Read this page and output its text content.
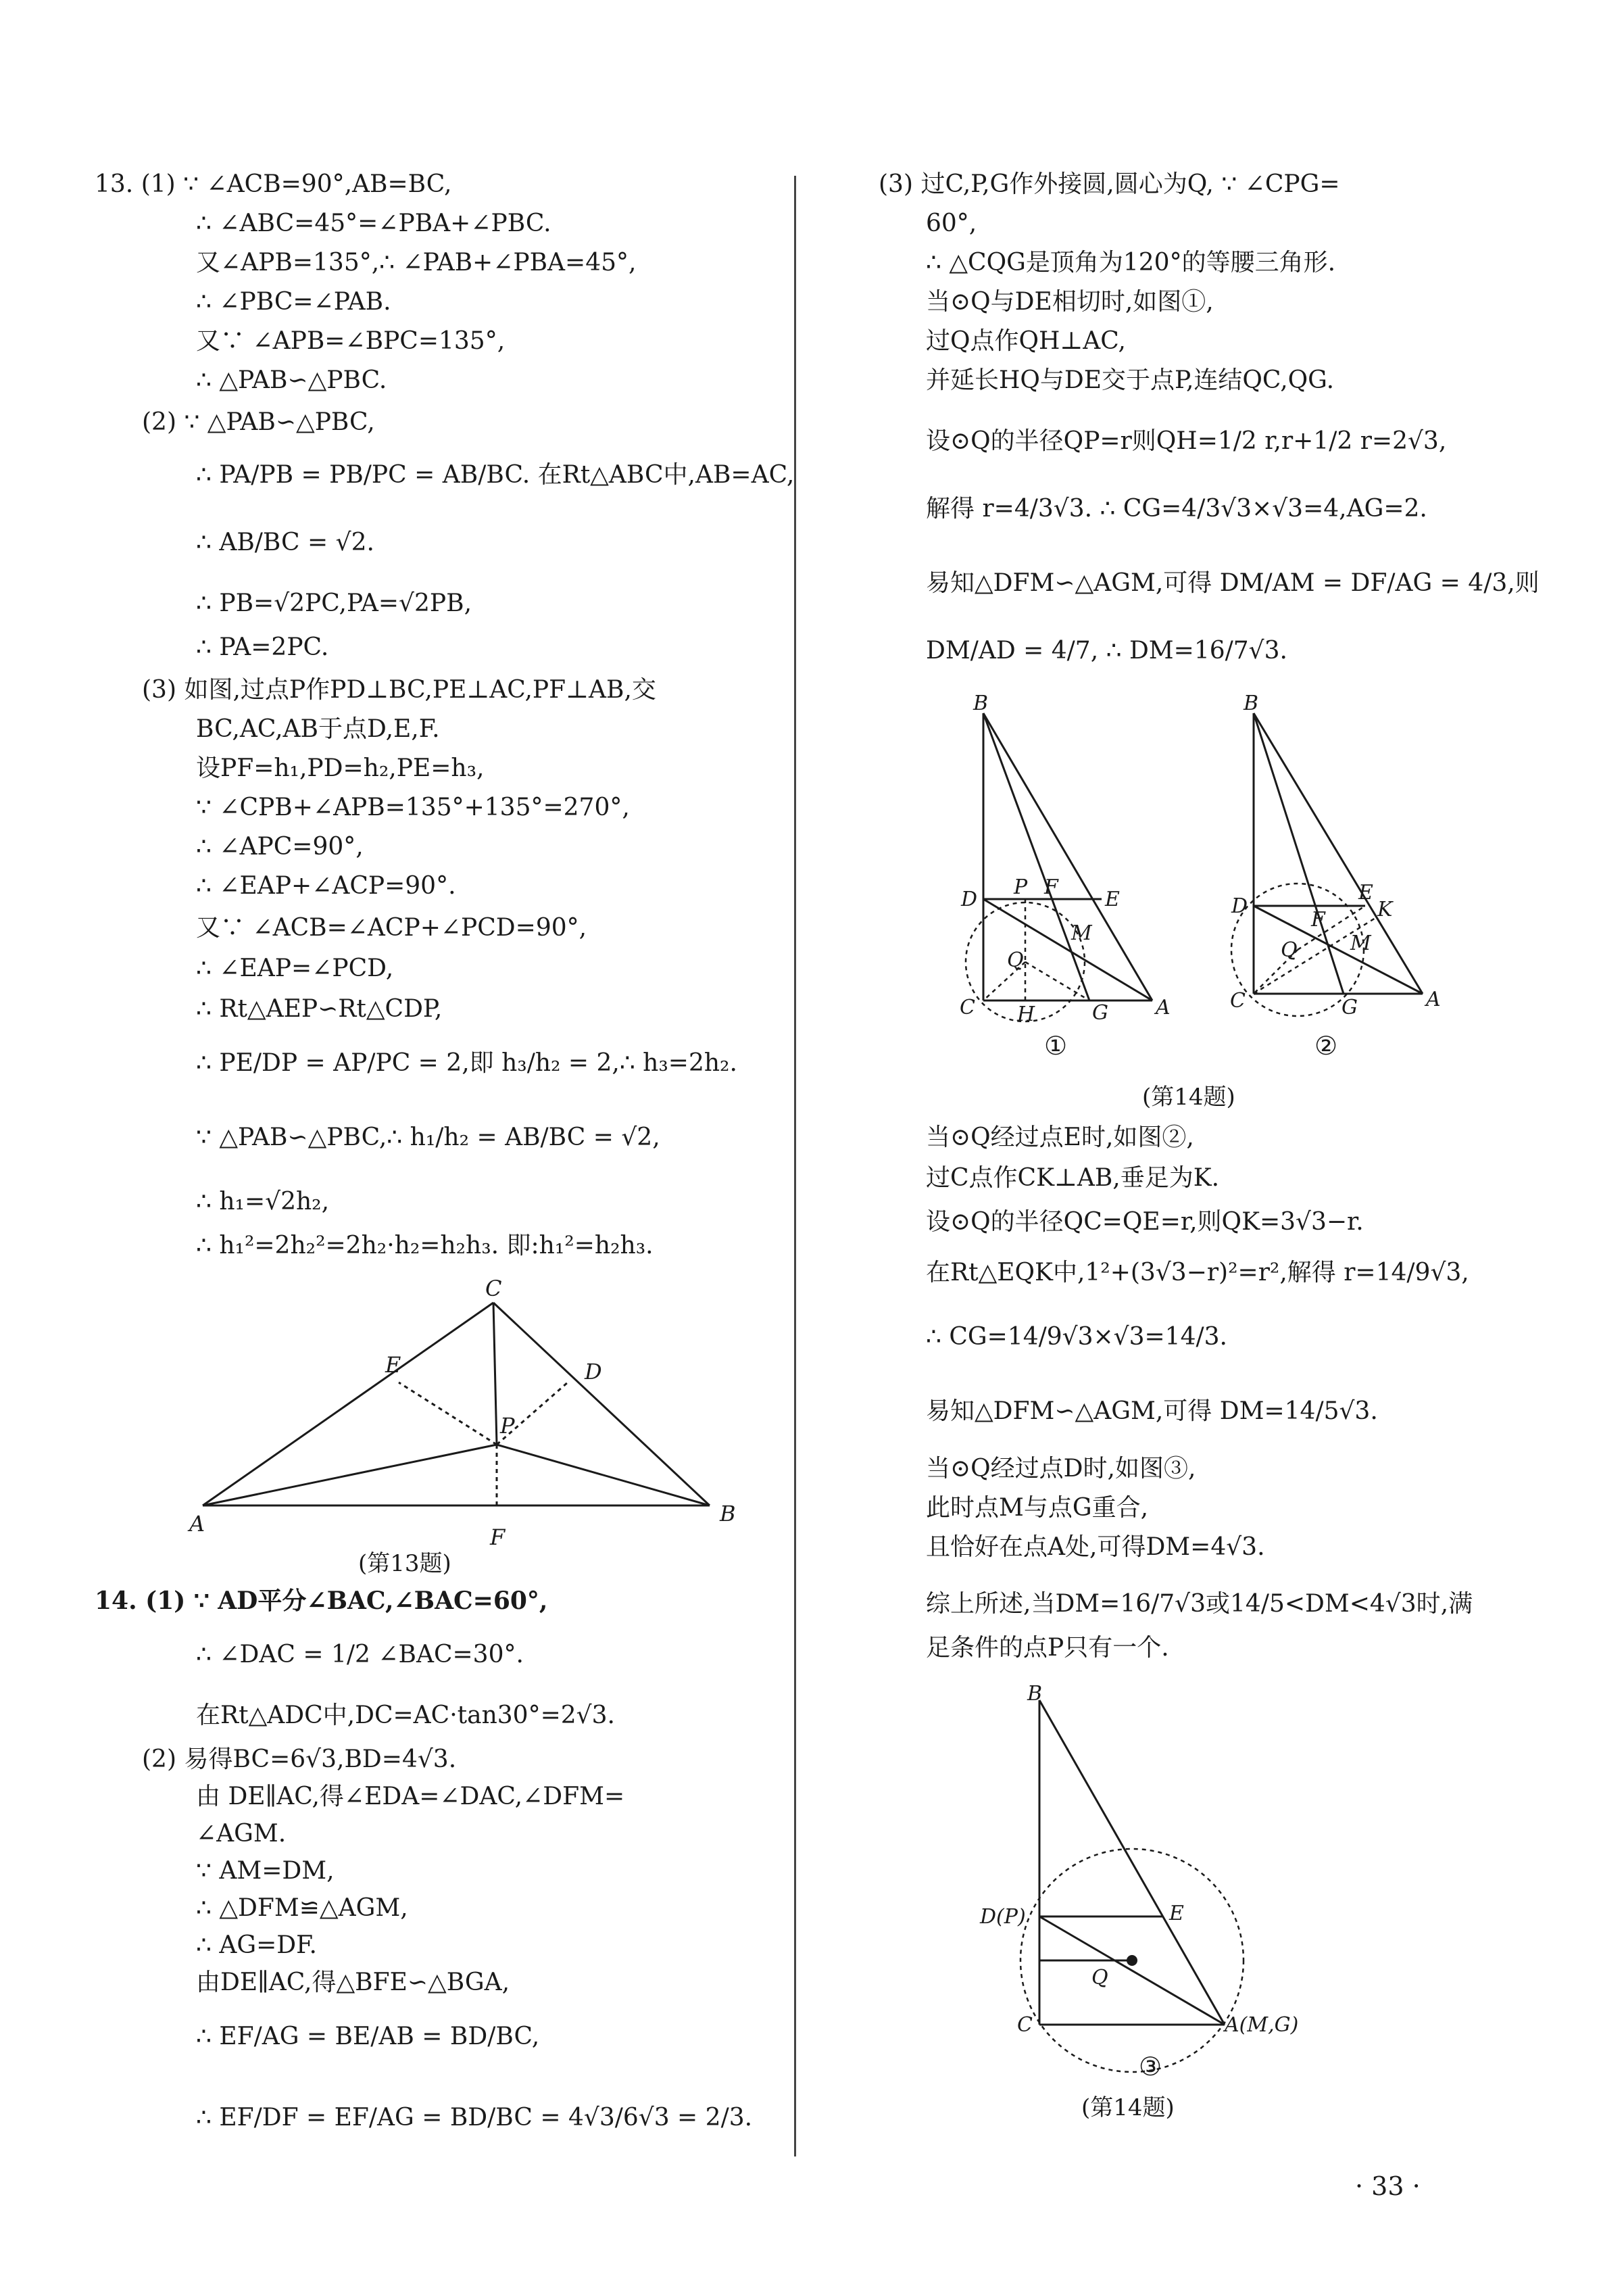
13. (1) ∵ ∠ACB=90°,AB=BC,
∴ ∠ABC=45°=∠PBA+∠PBC.
又∠APB=135°,∴ ∠PAB+∠PBA=45°,
∴ ∠PBC=∠PAB.
又∵ ∠APB=∠BPC=135°,
∴ △PAB∽△PBC.
(2) ∵ △PAB∽△PBC,
∴ PA/PB = PB/PC = AB/BC. 在Rt△ABC中,AB=AC,
∴ AB/BC = √2.
∴ PB=√2PC,PA=√2PB,
∴ PA=2PC.
(3) 如图,过点P作PD⊥BC,PE⊥AC,PF⊥AB,交
BC,AC,AB于点D,E,F.
设PF=h₁,PD=h₂,PE=h₃,
∵ ∠CPB+∠APB=135°+135°=270°,
∴ ∠APC=90°,
∴ ∠EAP+∠ACP=90°.
又∵ ∠ACB=∠ACP+∠PCD=90°,
∴ ∠EAP=∠PCD,
∴ Rt△AEP∽Rt△CDP,
∴ PE/DP = AP/PC = 2,即 h₃/h₂ = 2,∴ h₃=2h₂.
∵ △PAB∽△PBC,∴ h₁/h₂ = AB/BC = √2,
∴ h₁=√2h₂,
∴ h₁²=2h₂²=2h₂·h₂=h₂h₃. 即:h₁²=h₂h₃.
C
E	D
P
A
F
B
(第13题)
14. (1) ∵ AD平分∠BAC,∠BAC=60°,
∴ ∠DAC = 1/2 ∠BAC=30°.
在Rt△ADC中,DC=AC·tan30°=2√3.
(2) 易得BC=6√3,BD=4√3.
由 DE∥AC,得∠EDA=∠DAC,∠DFM=
∠AGM.
∵ AM=DM,
∴ △DFM≌△AGM,
∴ AG=DF.
由DE∥AC,得△BFE∽△BGA,
∴ EF/AG = BE/AB = BD/BC,
∴ EF/DF = EF/AG = BD/BC = 4√3/6√3 = 2/3.
(3) 过C,P,G作外接圆,圆心为Q, ∵ ∠CPG=
60°,
∴ △CQG是顶角为120°的等腰三角形.
当⊙Q与DE相切时,如图①,
过Q点作QH⊥AC,
并延长HQ与DE交于点P,连结QC,QG.
设⊙Q的半径QP=r则QH=1/2 r,r+1/2 r=2√3,
解得 r=4/3√3. ∴ CG=4/3√3×√3=4,AG=2.
易知△DFM∽△AGM,可得 DM/AM = DF/AG = 4/3,则
DM/AD = 4/7, ∴ DM=16/7√3.
B
D
P F
E
M
Q
C H	G A
①
B
D
E
K
F
Q	M
C	G	A
②
(第14题)
当⊙Q经过点E时,如图②,
过C点作CK⊥AB,垂足为K.
设⊙Q的半径QC=QE=r,则QK=3√3−r.
在Rt△EQK中,1²+(3√3−r)²=r²,解得 r=14/9√3,
∴ CG=14/9√3×√3=14/3.
易知△DFM∽△AGM,可得 DM=14/5√3.
当⊙Q经过点D时,如图③,
此时点M与点G重合,
且恰好在点A处,可得DM=4√3.
综上所述,当DM=16/7√3或14/5<DM<4√3时,满
足条件的点P只有一个.
B
D(P)	E
Q
C	A(M,G)
③
(第14题)
· 33 ·
